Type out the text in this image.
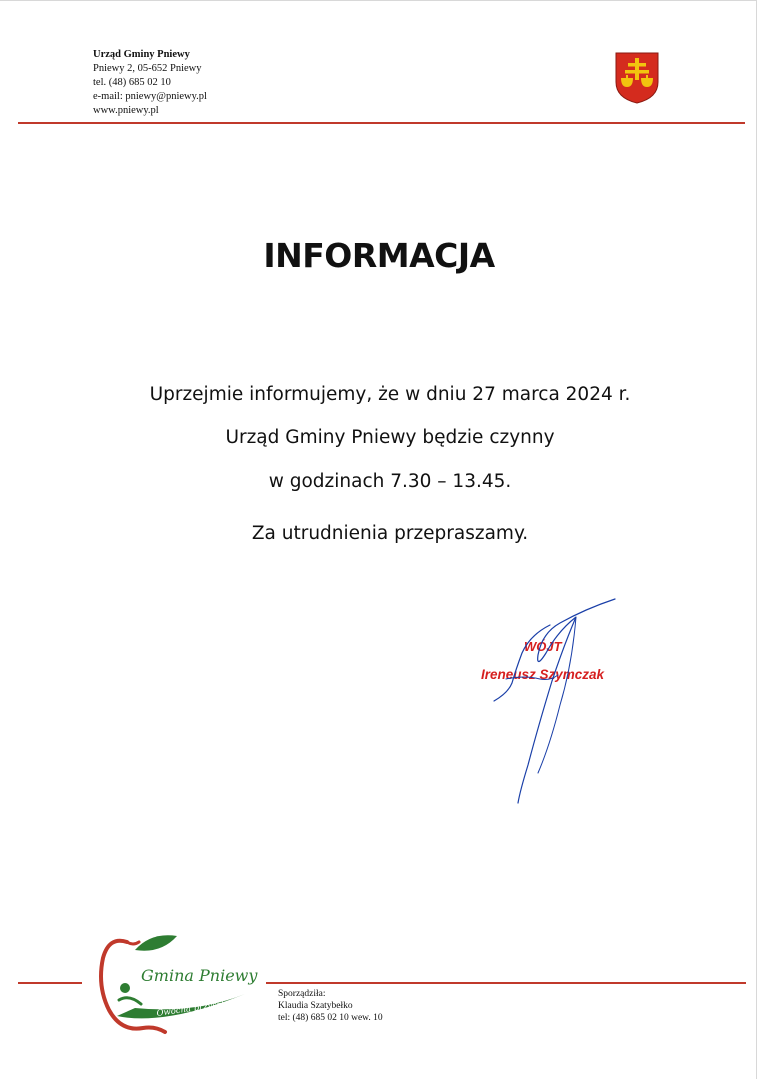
Urząd Gminy Pniewy
Pniewy 2, 05-652 Pniewy
tel. (48) 685 02 10
e-mail: pniewy@pniewy.pl
www.pniewy.pl
INFORMACJA
Uprzejmie informujemy, że w dniu 27 marca 2024 r.
Urząd Gminy Pniewy będzie czynny
w godzinach 7.30 – 13.45.
Za utrudnienia przepraszamy.
WÓJT
Ireneusz Szymczak
Gmina Pniewy
Owocna przyszłość
Sporządziła:
Klaudia Szatybełko
tel: (48) 685 02 10 wew. 10
